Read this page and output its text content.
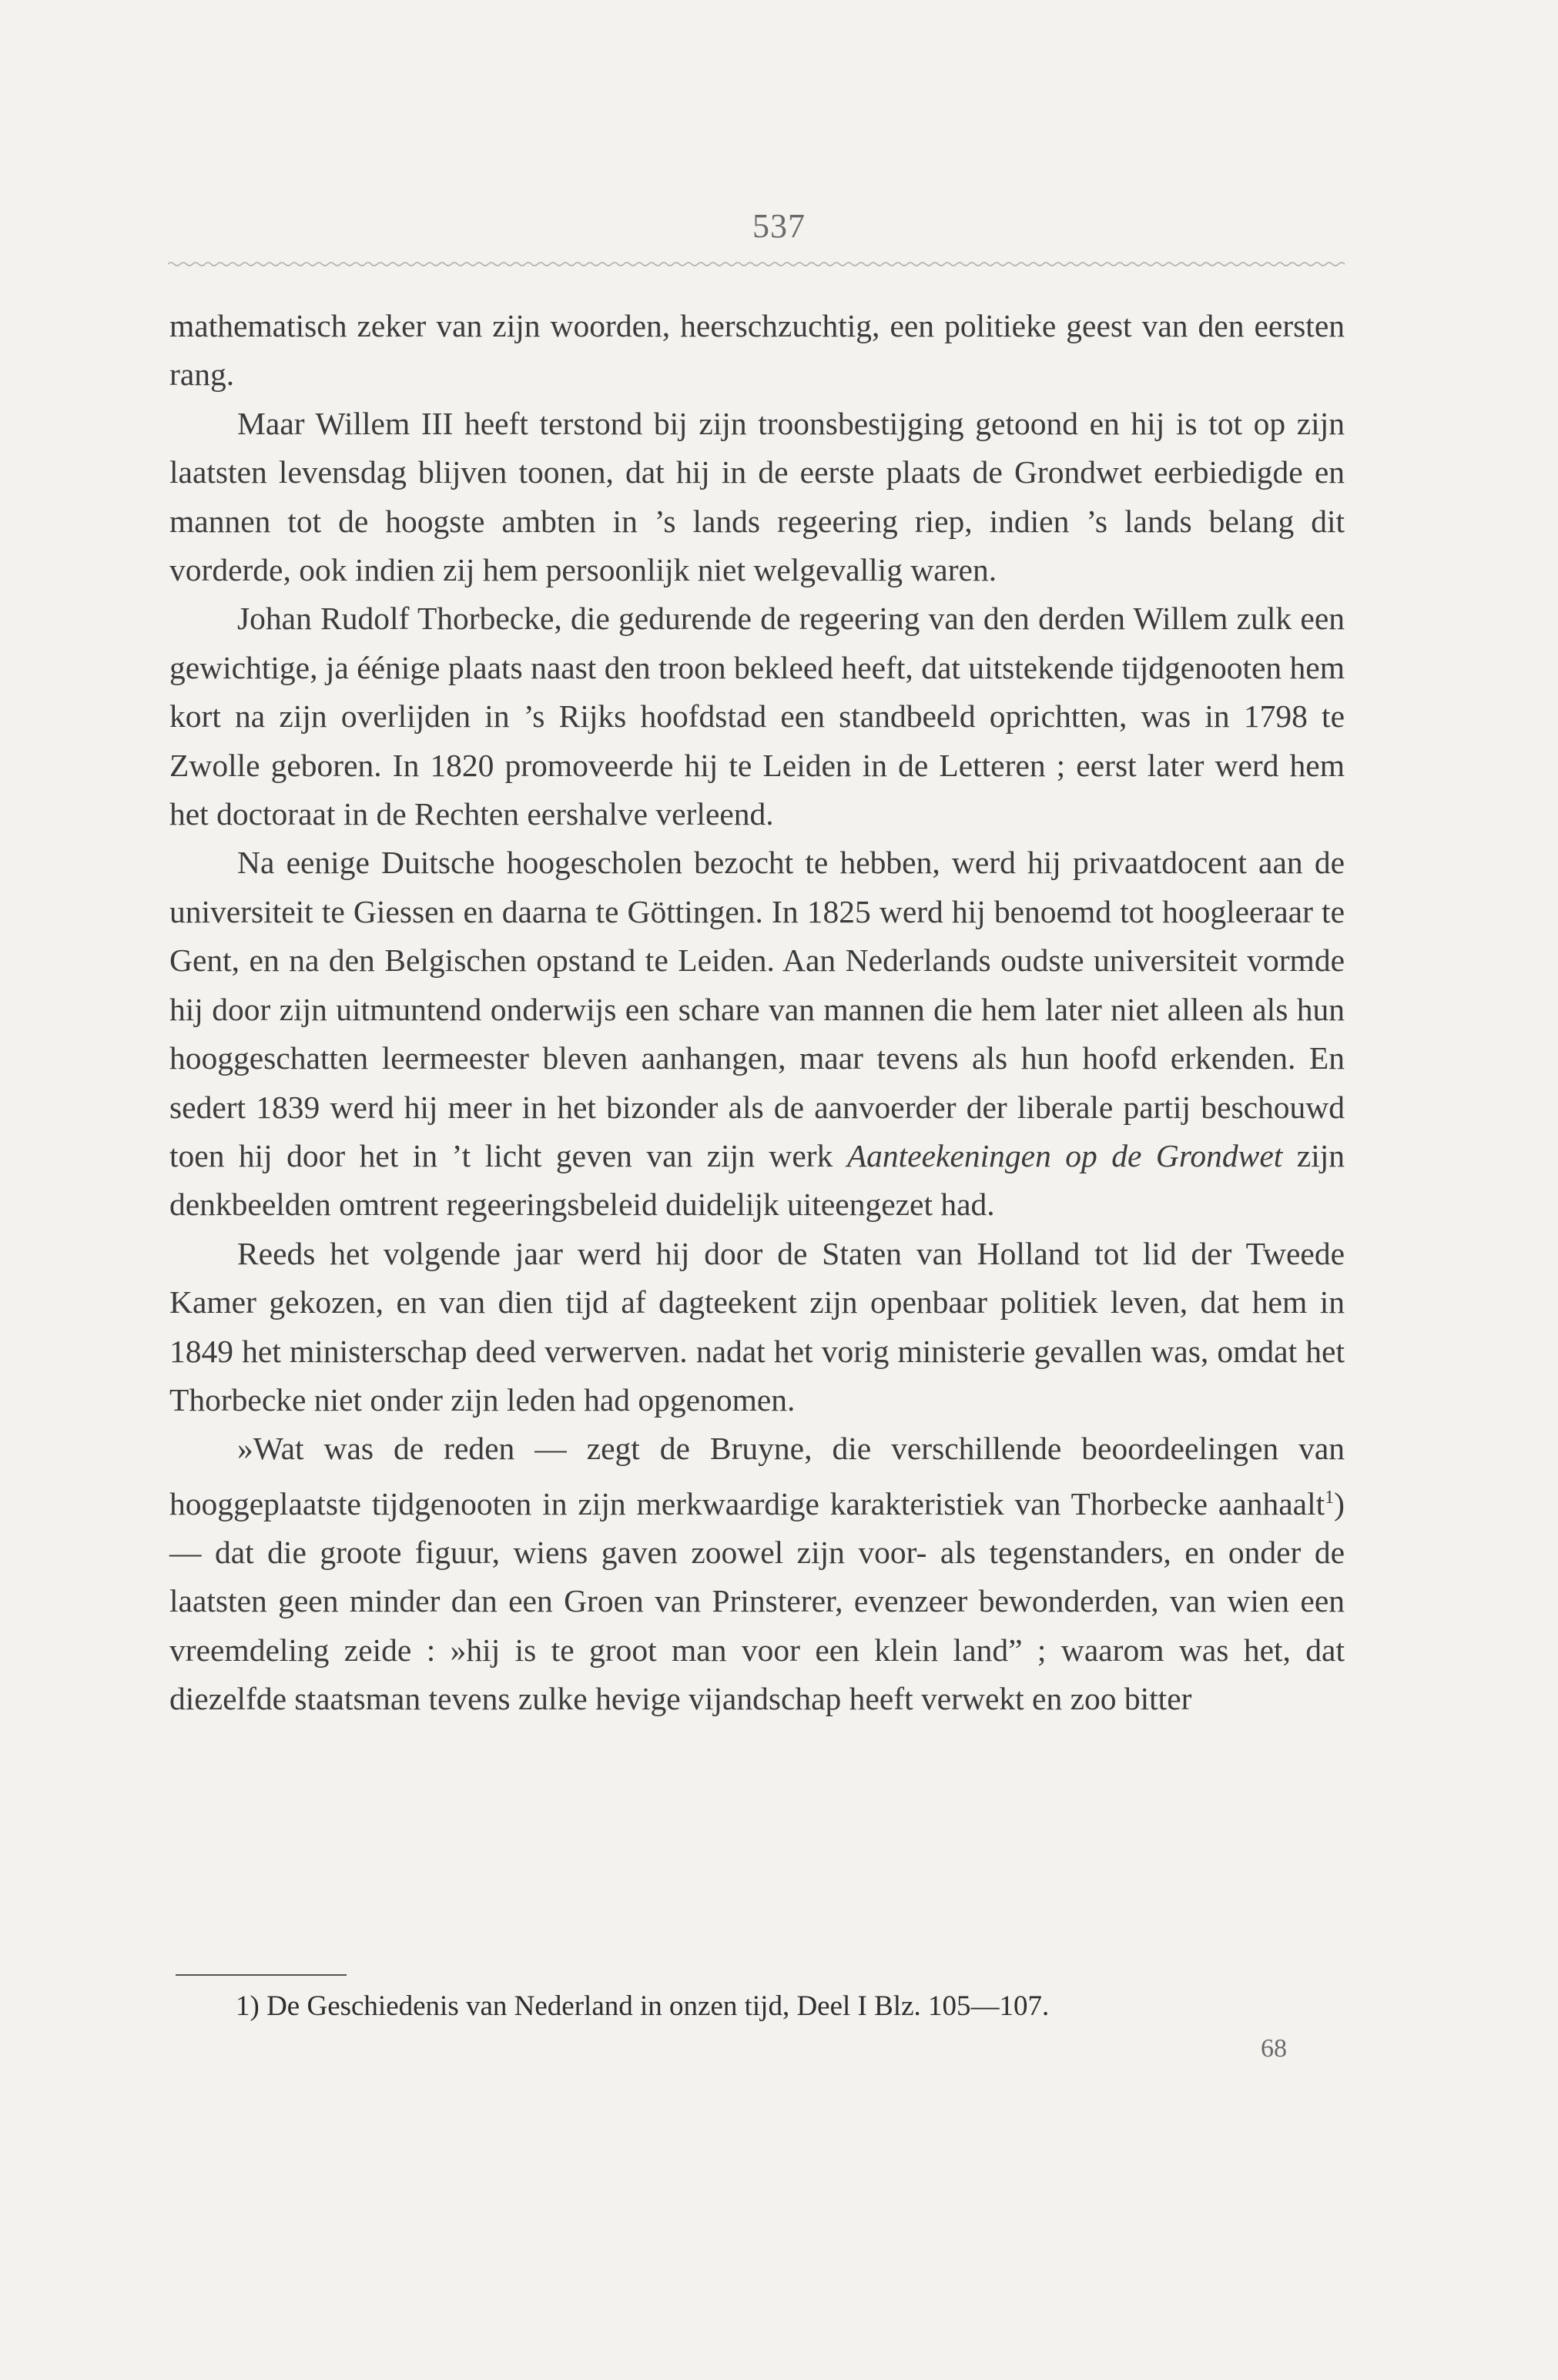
537

mathematisch zeker van zijn woorden, heerschzuchtig, een politieke geest van den eersten rang.

Maar Willem III heeft terstond bij zijn troonsbestijging getoond en hij is tot op zijn laatsten levensdag blijven toonen, dat hij in de eerste plaats de Grondwet eerbiedigde en mannen tot de hoogste ambten in ’s lands regeering riep, indien ’s lands belang dit vorderde, ook indien zij hem persoonlijk niet welgevallig waren.

Johan Rudolf Thorbecke, die gedurende de regeering van den derden Willem zulk een gewichtige, ja éénige plaats naast den troon bekleed heeft, dat uitstekende tijdgenooten hem kort na zijn overlijden in ’s Rijks hoofdstad een standbeeld oprichtten, was in 1798 te Zwolle geboren. In 1820 promoveerde hij te Leiden in de Letteren ; eerst later werd hem het doctoraat in de Rechten eershalve verleend.

Na eenige Duitsche hoogescholen bezocht te hebben, werd hij privaatdocent aan de universiteit te Giessen en daarna te Göttingen. In 1825 werd hij benoemd tot hoogleeraar te Gent, en na den Belgischen opstand te Leiden. Aan Nederlands oudste universiteit vormde hij door zijn uitmuntend onderwijs een schare van mannen die hem later niet alleen als hun hooggeschatten leermeester bleven aanhangen, maar tevens als hun hoofd erkenden. En sedert 1839 werd hij meer in het bizonder als de aanvoerder der liberale partij beschouwd toen hij door het in ’t licht geven van zijn werk Aanteekeningen op de Grondwet zijn denkbeelden omtrent regeeringsbeleid duidelijk uiteengezet had.

Reeds het volgende jaar werd hij door de Staten van Holland tot lid der Tweede Kamer gekozen, en van dien tijd af dagteekent zijn openbaar politiek leven, dat hem in 1849 het ministerschap deed verwerven. nadat het vorig ministerie gevallen was, omdat het Thorbecke niet onder zijn leden had opgenomen.

»Wat was de reden — zegt de Bruyne, die verschillende beoordeelingen van hooggeplaatste tijdgenooten in zijn merkwaardige karakteristiek van Thorbecke aanhaalt$^1$) — dat die groote figuur, wiens gaven zoowel zijn voor- als tegenstanders, en onder de laatsten geen minder dan een Groen van Prinsterer, evenzeer bewonderden, van wien een vreemdeling zeide : »hij is te groot man voor een klein land” ; waarom was het, dat diezelfde staatsman tevens zulke hevige vijandschap heeft verwekt en zoo bitter

1) De Geschiedenis van Nederland in onzen tijd, Deel I Blz. 105—107.
68
